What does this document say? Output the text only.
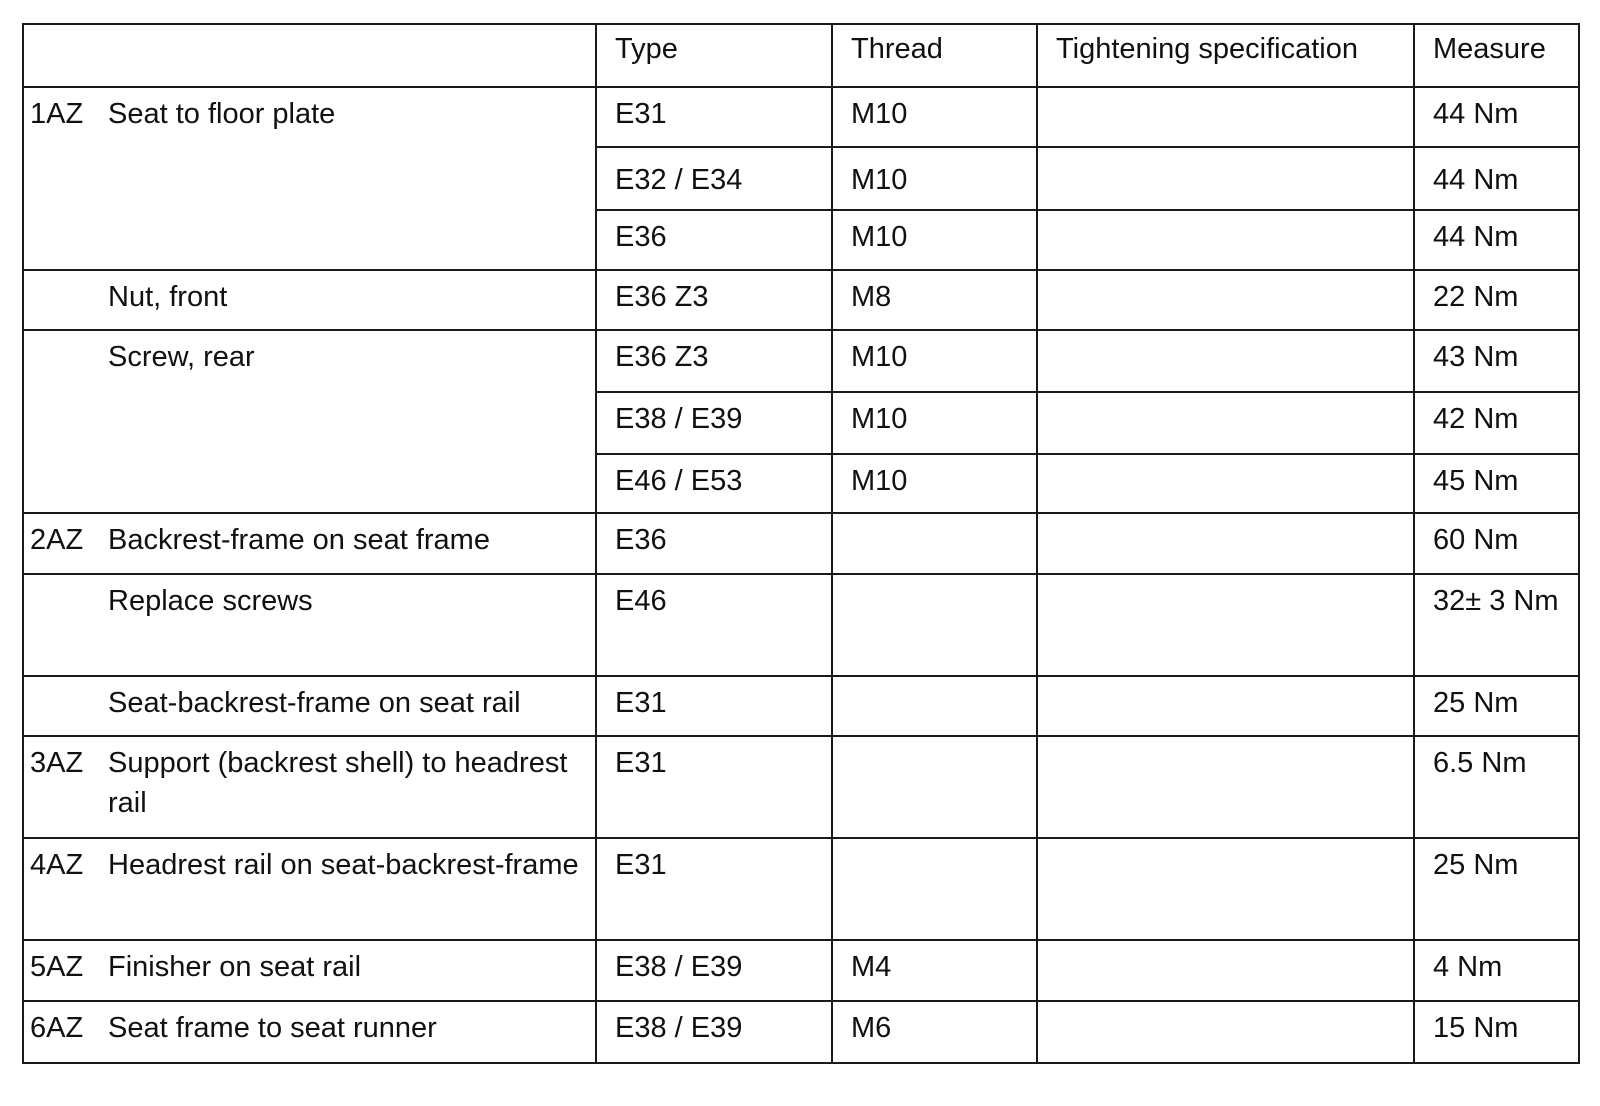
	Type	Thread	Tightening specification	Measure

1AZ Seat to floor plate	E31	M10		44 Nm
	E32 / E34	M10		44 Nm
	E36	M10		44 Nm

Nut, front	E36 Z3	M8		22 Nm

Screw, rear	E36 Z3	M10		43 Nm
	E38 / E39	M10		42 Nm
	E46 / E53	M10		45 Nm

2AZ Backrest-frame on seat frame	E36			60 Nm

Replace screws	E46			32± 3 Nm

Seat-backrest-frame on seat rail	E31			25 Nm

3AZ Support (backrest shell) to headrest rail	E31			6.5 Nm

4AZ Headrest rail on seat-backrest-frame	E31			25 Nm

5AZ Finisher on seat rail	E38 / E39	M4		4 Nm

6AZ Seat frame to seat runner	E38 / E39	M6		15 Nm
